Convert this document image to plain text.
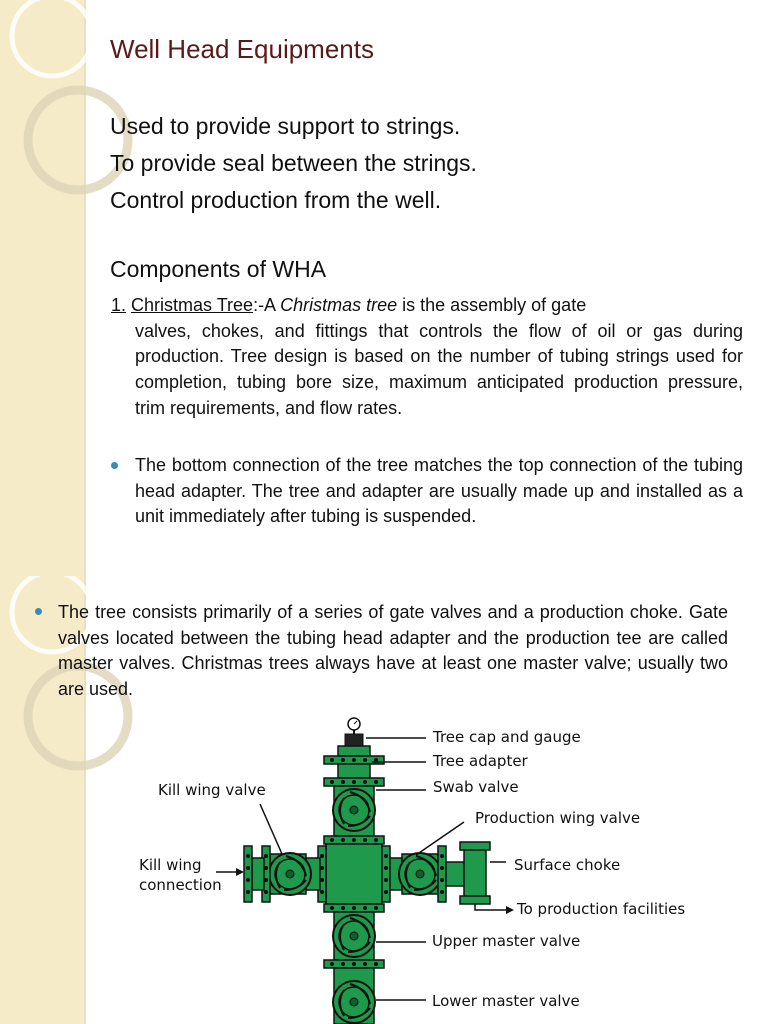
Well Head Equipments
Used to provide support to strings.
To provide seal between the strings.
Control production from the well.
Components of WHA
1. Christmas Tree:-A Christmas tree is the assembly of gate
valves, chokes, and fittings that controls the flow of oil or gas during production. Tree design is based on the number of tubing strings used for completion, tubing bore size, maximum anticipated production pressure, trim requirements, and flow rates.
The bottom connection of the tree matches the top connection of the tubing head adapter. The tree and adapter are usually made up and installed as a unit immediately after tubing is suspended.
The tree consists primarily of a series of gate valves and a production choke. Gate valves located between the tubing head adapter and the production tee are called master valves. Christmas trees always have at least one master valve; usually two are used.
Tree cap and gauge
Tree adapter
Swab valve
Production wing valve
Surface choke
To production facilities
Upper master valve
Lower master valve
Kill wing valve
Kill wing
connection
